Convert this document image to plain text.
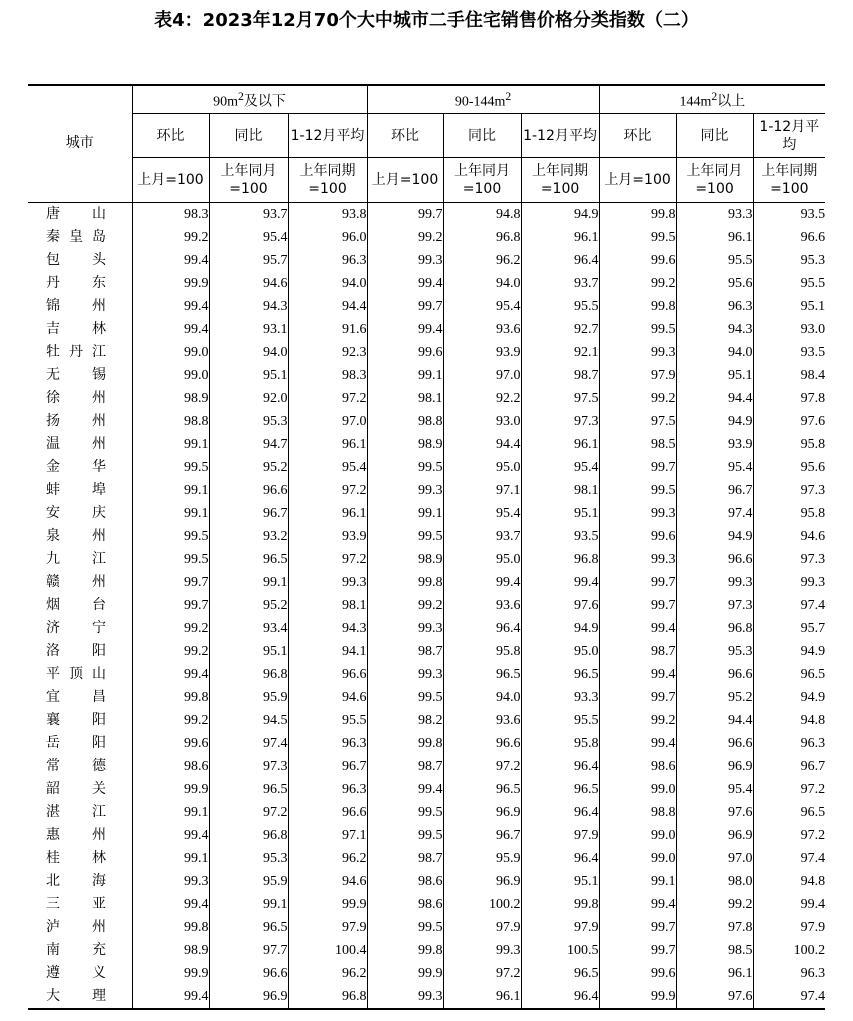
表4：2023年12月70个大中城市二手住宅销售价格分类指数（二）
城市	$90m^2$及以下			$90-144m^2$			$144m^2$以上		
	环比	同比	1-12月平均	环比	同比	1-12月平均	环比	同比	1-12月平均
	上月=100	上年同月=100	上年同期=100	上月=100	上年同月=100	上年同期=100	上月=100	上年同月=100	上年同期=100
唐山	98.3	93.7	93.8	99.7	94.8	94.9	99.8	93.3	93.5
秦皇岛	99.2	95.4	96.0	99.2	96.8	96.1	99.5	96.1	96.6
包头	99.4	95.7	96.3	99.3	96.2	96.4	99.6	95.5	95.3
丹东	99.9	94.6	94.0	99.4	94.0	93.7	99.2	95.6	95.5
锦州	99.4	94.3	94.4	99.7	95.4	95.5	99.8	96.3	95.1
吉林	99.4	93.1	91.6	99.4	93.6	92.7	99.5	94.3	93.0
牡丹江	99.0	94.0	92.3	99.6	93.9	92.1	99.3	94.0	93.5
无锡	99.0	95.1	98.3	99.1	97.0	98.7	97.9	95.1	98.4
徐州	98.9	92.0	97.2	98.1	92.2	97.5	99.2	94.4	97.8
扬州	98.8	95.3	97.0	98.8	93.0	97.3	97.5	94.9	97.6
温州	99.1	94.7	96.1	98.9	94.4	96.1	98.5	93.9	95.8
金华	99.5	95.2	95.4	99.5	95.0	95.4	99.7	95.4	95.6
蚌埠	99.1	96.6	97.2	99.3	97.1	98.1	99.5	96.7	97.3
安庆	99.1	96.7	96.1	99.1	95.4	95.1	99.3	97.4	95.8
泉州	99.5	93.2	93.9	99.5	93.7	93.5	99.6	94.9	94.6
九江	99.5	96.5	97.2	98.9	95.0	96.8	99.3	96.6	97.3
赣州	99.7	99.1	99.3	99.8	99.4	99.4	99.7	99.3	99.3
烟台	99.7	95.2	98.1	99.2	93.6	97.6	99.7	97.3	97.4
济宁	99.2	93.4	94.3	99.3	96.4	94.9	99.4	96.8	95.7
洛阳	99.2	95.1	94.1	98.7	95.8	95.0	98.7	95.3	94.9
平顶山	99.4	96.8	96.6	99.3	96.5	96.5	99.4	96.6	96.5
宜昌	99.8	95.9	94.6	99.5	94.0	93.3	99.7	95.2	94.9
襄阳	99.2	94.5	95.5	98.2	93.6	95.5	99.2	94.4	94.8
岳阳	99.6	97.4	96.3	99.8	96.6	95.8	99.4	96.6	96.3
常德	98.6	97.3	96.7	98.7	97.2	96.4	98.6	96.9	96.7
韶关	99.9	96.5	96.3	99.4	96.5	96.5	99.0	95.4	97.2
湛江	99.1	97.2	96.6	99.5	96.9	96.4	98.8	97.6	96.5
惠州	99.4	96.8	97.1	99.5	96.7	97.9	99.0	96.9	97.2
桂林	99.1	95.3	96.2	98.7	95.9	96.4	99.0	97.0	97.4
北海	99.3	95.9	94.6	98.6	96.9	95.1	99.1	98.0	94.8
三亚	99.4	99.1	99.9	98.6	100.2	99.8	99.4	99.2	99.4
泸州	99.8	96.5	97.9	99.5	97.9	97.9	99.7	97.8	97.9
南充	98.9	97.7	100.4	99.8	99.3	100.5	99.7	98.5	100.2
遵义	99.9	96.6	96.2	99.9	97.2	96.5	99.6	96.1	96.3
大理	99.4	96.9	96.8	99.3	96.1	96.4	99.9	97.6	97.4
